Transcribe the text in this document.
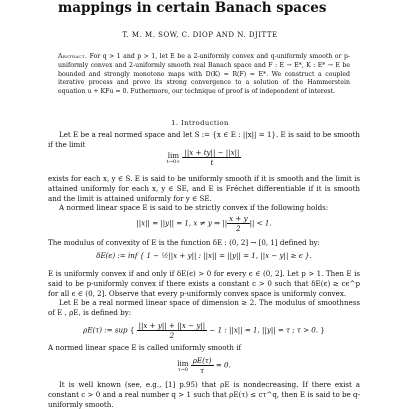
mappings in certain Banach spaces
T. M. M. SOW, C. DIOP AND N. DJITTE
Abstract. For q > 1 and p > 1, let E be a 2-uniformly convex and q-uniformly smooth or p- uniformly convex and 2-uniformly smooth real Banach space and F : E → E*, K : E* → E be bounded and strongly monotone maps with D(K) = R(F) = E*. We construct a coupled iterative process and prove its strong convergence to a solution of the Hammerstein equation u + KFu = 0. Futhermore, our technique of proof is of independent of interest.
1. Introduction
Let E be a real normed space and let S := {x ∈ E : ||x|| = 1}. E is said to be smooth if the limit
lim
t→0+
$\frac{||x + ty|| - ||x||}{t}$
exists for each x, y ∈ S. E is said to be uniformly smooth if it is smooth and the limit is attained uniformly for each x, y ∈ SE, and E is Fréchet differentiable if it is smooth and the limit is attained uniformly for y ∈ SE.
A normed linear space E is said to be strictly convex if the following holds:
||x|| = ||y|| = 1, x ≠ y ⇒ || $\frac{x + y}{2}$ || < 1.
The modulus of convexity of E is the function δE : (0, 2] → [0, 1] defined by:
δE(ϵ) := inf { 1 − ½||x + y|| : ||x|| = ||y|| = 1, ||x − y|| ≥ ϵ }.
E is uniformly convex if and only if δE(ϵ) > 0 for every ϵ ∈ (0, 2]. Let p > 1. Then E is said to be p-uniformly convex if there exists a constant c > 0 such that δE(ϵ) ≥ cϵ^p for all ϵ ∈ (0, 2]. Observe that every p-uniformly convex space is uniformly convex.
Let E be a real normed linear space of dimension ≥ 2. The modulus of smoothness of E , ρE, is defined by:
ρE(τ) := sup { $\frac{||x + y|| + ||x - y||}{2} - 1$ : ||x|| = 1, ||y|| = τ ; τ > 0. }
A normed linear space E is called uniformly smooth if
lim
τ→0
$\frac{\rho E(\tau)}{\tau} = 0$.
It is well known (see, e.g., [1] p.95) that ρE is nondecreasing. If there exist a constant c > 0 and a real number q > 1 such that ρE(τ) ≤ cτ^q, then E is said to be q-uniformly smooth.
